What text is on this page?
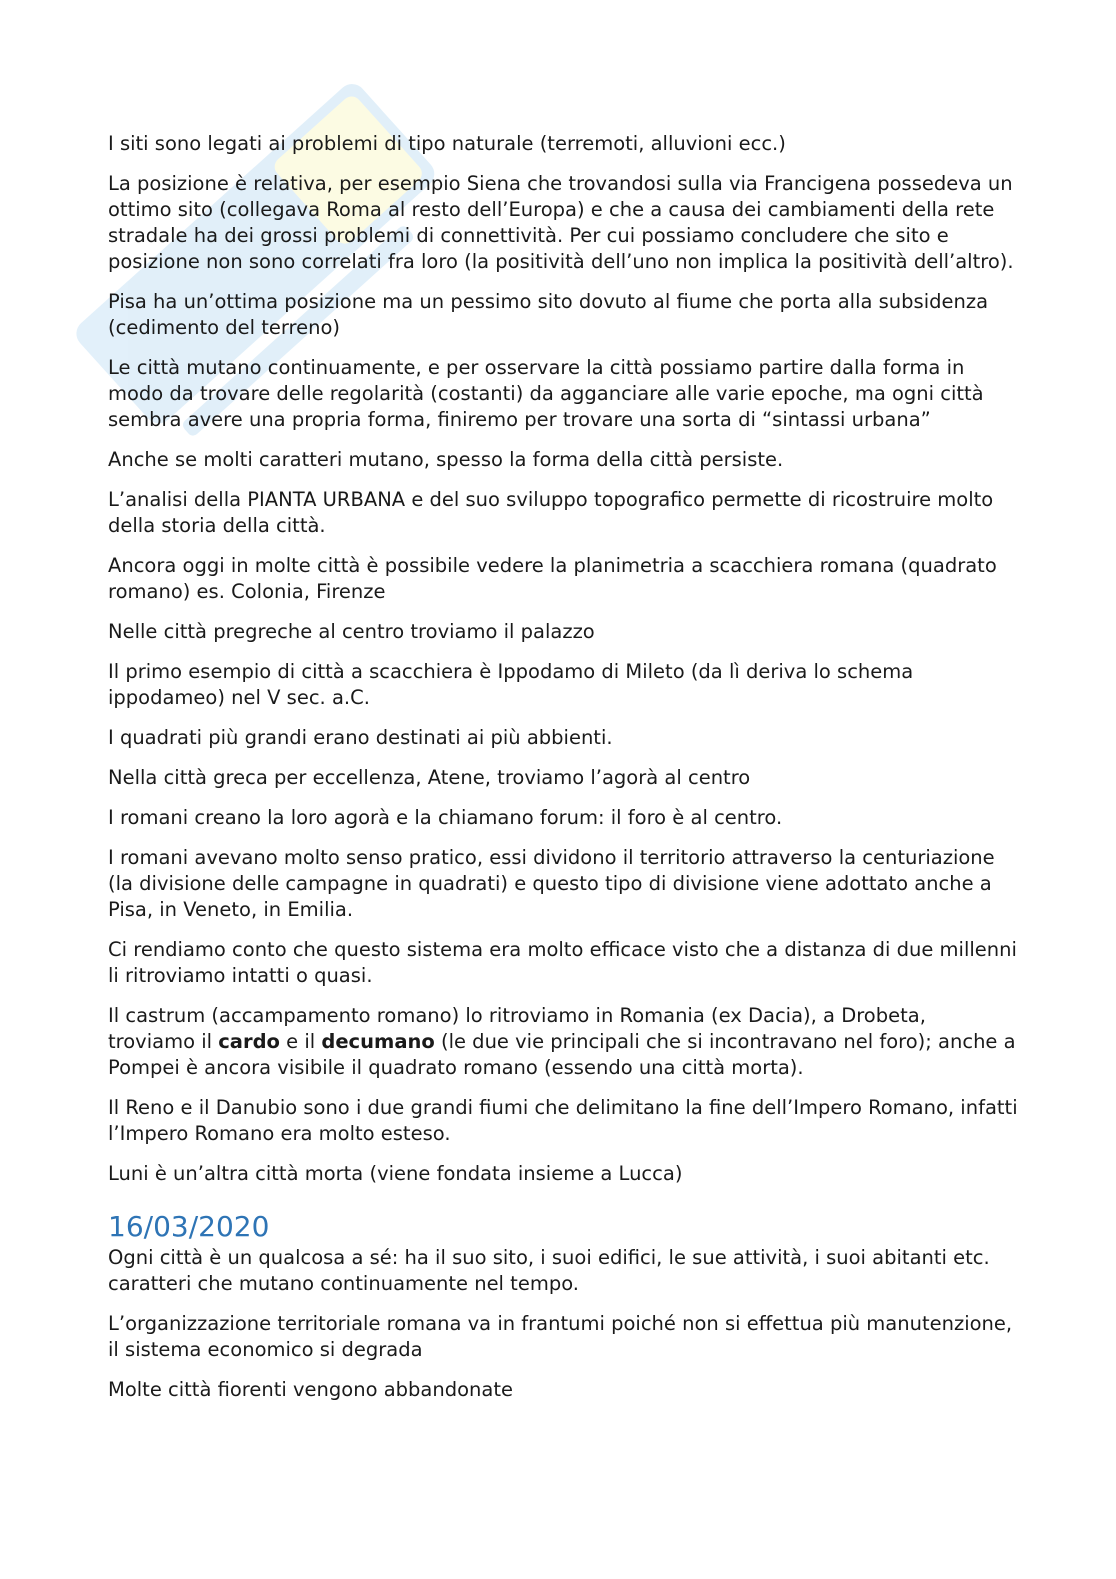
I siti sono legati ai problemi di tipo naturale (terremoti, alluvioni ecc.)

La posizione è relativa, per esempio Siena che trovandosi sulla via Francigena possedeva un ottimo sito (collegava Roma al resto dell’Europa) e che a causa dei cambiamenti della rete stradale ha dei grossi problemi di connettività. Per cui possiamo concludere che sito e posizione non sono correlati fra loro (la positività dell’uno non implica la positività dell’altro).

Pisa ha un’ottima posizione ma un pessimo sito dovuto al fiume che porta alla subsidenza (cedimento del terreno)

Le città mutano continuamente, e per osservare la città possiamo partire dalla forma in modo da trovare delle regolarità (costanti) da agganciare alle varie epoche, ma ogni città sembra avere una propria forma, finiremo per trovare una sorta di “sintassi urbana”

Anche se molti caratteri mutano, spesso la forma della città persiste.

L’analisi della PIANTA URBANA e del suo sviluppo topografico permette di ricostruire molto della storia della città.

Ancora oggi in molte città è possibile vedere la planimetria a scacchiera romana (quadrato romano) es. Colonia, Firenze

Nelle città pregreche al centro troviamo il palazzo

Il primo esempio di città a scacchiera è Ippodamo di Mileto (da lì deriva lo schema ippodameo) nel V sec. a.C.

I quadrati più grandi erano destinati ai più abbienti.

Nella città greca per eccellenza, Atene, troviamo l’agorà al centro

I romani creano la loro agorà e la chiamano forum: il foro è al centro.

I romani avevano molto senso pratico, essi dividono il territorio attraverso la centuriazione (la divisione delle campagne in quadrati) e questo tipo di divisione viene adottato anche a Pisa, in Veneto, in Emilia.

Ci rendiamo conto che questo sistema era molto efficace visto che a distanza di due millenni li ritroviamo intatti o quasi.

Il castrum (accampamento romano) lo ritroviamo in Romania (ex Dacia), a Drobeta, troviamo il cardo e il decumano (le due vie principali che si incontravano nel foro); anche a Pompei è ancora visibile il quadrato romano (essendo una città morta).

Il Reno e il Danubio sono i due grandi fiumi che delimitano la fine dell’Impero Romano, infatti l’Impero Romano era molto esteso.

Luni è un’altra città morta (viene fondata insieme a Lucca)

16/03/2020

Ogni città è un qualcosa a sé: ha il suo sito, i suoi edifici, le sue attività, i suoi abitanti etc. caratteri che mutano continuamente nel tempo.

L’organizzazione territoriale romana va in frantumi poiché non si effettua più manutenzione, il sistema economico si degrada

Molte città fiorenti vengono abbandonate
